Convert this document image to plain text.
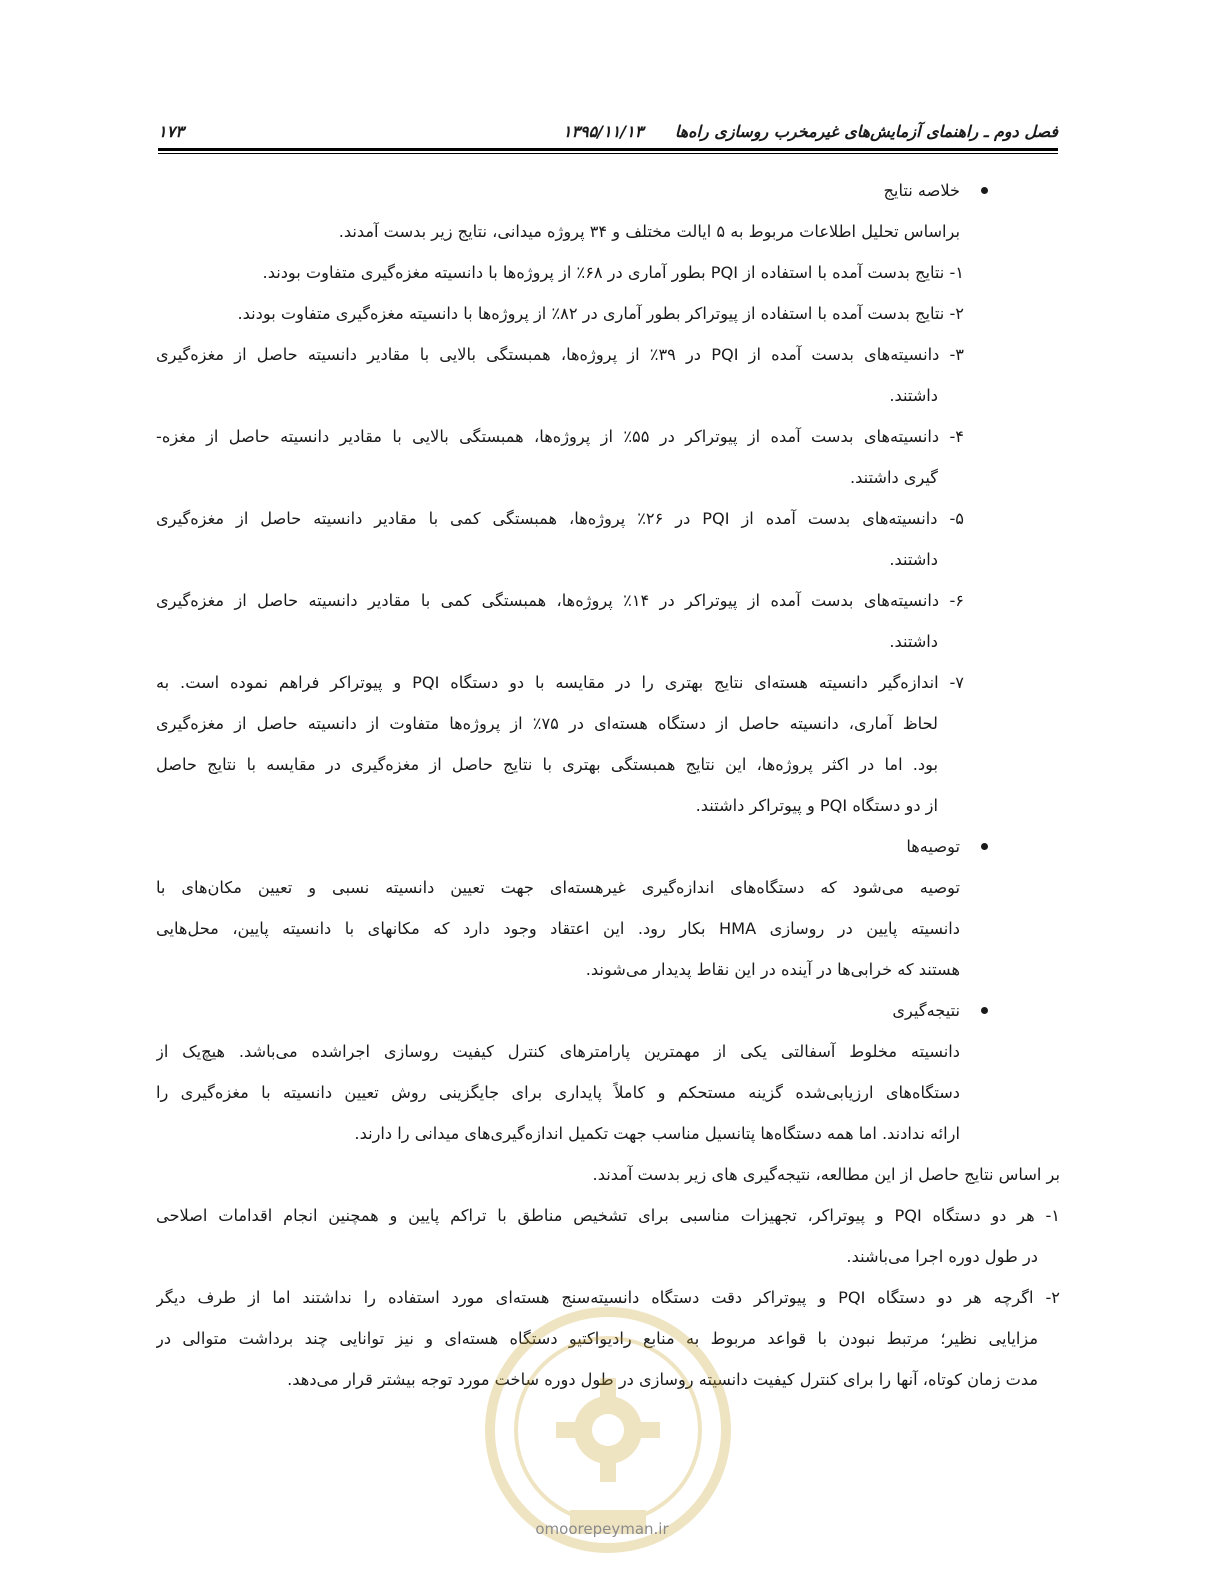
فصل دوم ـ راهنمای آزمایش‌های غیرمخرب روسازی راه‌ها ۱۳۹۵/۱۱/۱۳
۱۷۳
خلاصه نتایج
براساس تحلیل اطلاعات مربوط به ۵ ایالت مختلف و ۳۴ پروژه میدانی، نتایج زیر بدست آمدند.
۱- نتایج بدست آمده با استفاده از PQI بطور آماری در ۶۸٪ از پروژه‌ها با دانسیته مغزه‌گیری متفاوت بودند.
۲- نتایج بدست آمده با استفاده از پیوتراکر بطور آماری در ۸۲٪ از پروژه‌ها با دانسیته مغزه‌گیری متفاوت بودند.
۳- دانسیته‌های بدست آمده از PQI در ۳۹٪ از پروژه‌ها، همبستگی بالایی با مقادیر دانسیته حاصل از مغزه‌گیری
داشتند.
۴- دانسیته‌های بدست آمده از پیوتراکر در ۵۵٪ از پروژه‌ها، همبستگی بالایی با مقادیر دانسیته حاصل از مغزه-
گیری داشتند.
۵- دانسیته‌های بدست آمده از PQI در ۲۶٪ پروژه‌ها، همبستگی کمی با مقادیر دانسیته حاصل از مغزه‌گیری
داشتند.
۶- دانسیته‌های بدست آمده از پیوتراکر در ۱۴٪ پروژه‌ها، همبستگی کمی با مقادیر دانسیته حاصل از مغزه‌گیری
داشتند.
۷- اندازه‌گیر دانسیته هسته‌ای نتایج بهتری را در مقایسه با دو دستگاه PQI و پیوتراکر فراهم نموده است. به
لحاظ آماری، دانسیته حاصل از دستگاه هسته‌ای در ۷۵٪ از پروژه‌ها متفاوت از دانسیته حاصل از مغزه‌گیری
بود. اما در اکثر پروژه‌ها، این نتایج همبستگی بهتری با نتایج حاصل از مغزه‌گیری در مقایسه با نتایج حاصل
از دو دستگاه PQI و پیوتراکر داشتند.
توصیه‌ها
توصیه می‌شود که دستگاه‌های اندازه‌گیری غیرهسته‌ای جهت تعیین دانسیته نسبی و تعیین مکان‌های با
دانسیته پایین در روسازی HMA بکار رود. این اعتقاد وجود دارد که مکانهای با دانسیته پایین، محل‌هایی
هستند که خرابی‌ها در آینده در این نقاط پدیدار می‌شوند.
نتیجه‌گیری
دانسیته مخلوط آسفالتی یکی از مهمترین پارامترهای کنترل کیفیت روسازی اجراشده می‌باشد. هیچ‌یک از
دستگاه‌های ارزیابی‌شده گزینه مستحکم و کاملاً پایداری برای جایگزینی روش تعیین دانسیته با مغزه‌گیری را
ارائه ندادند. اما همه دستگاه‌ها پتانسیل مناسب جهت تکمیل اندازه‌گیری‌های میدانی را دارند.
بر اساس نتایج حاصل از این مطالعه، نتیجه‌گیری های زیر بدست آمدند.
۱- هر دو دستگاه PQI و پیوتراکر، تجهیزات مناسبی برای تشخیص مناطق با تراکم پایین و همچنین انجام اقدامات اصلاحی
در طول دوره اجرا می‌باشند.
۲- اگرچه هر دو دستگاه PQI و پیوتراکر دقت دستگاه دانسیته‌سنج هسته‌ای مورد استفاده را نداشتند اما از طرف دیگر
مزایایی نظیر؛ مرتبط نبودن با قواعد مربوط به منابع رادیواکتیو دستگاه هسته‌ای و نیز توانایی چند برداشت متوالی در
مدت زمان کوتاه، آنها را برای کنترل کیفیت دانسیته روسازی در طول دوره ساخت مورد توجه بیشتر قرار می‌دهد.
omoorepeyman.ir
